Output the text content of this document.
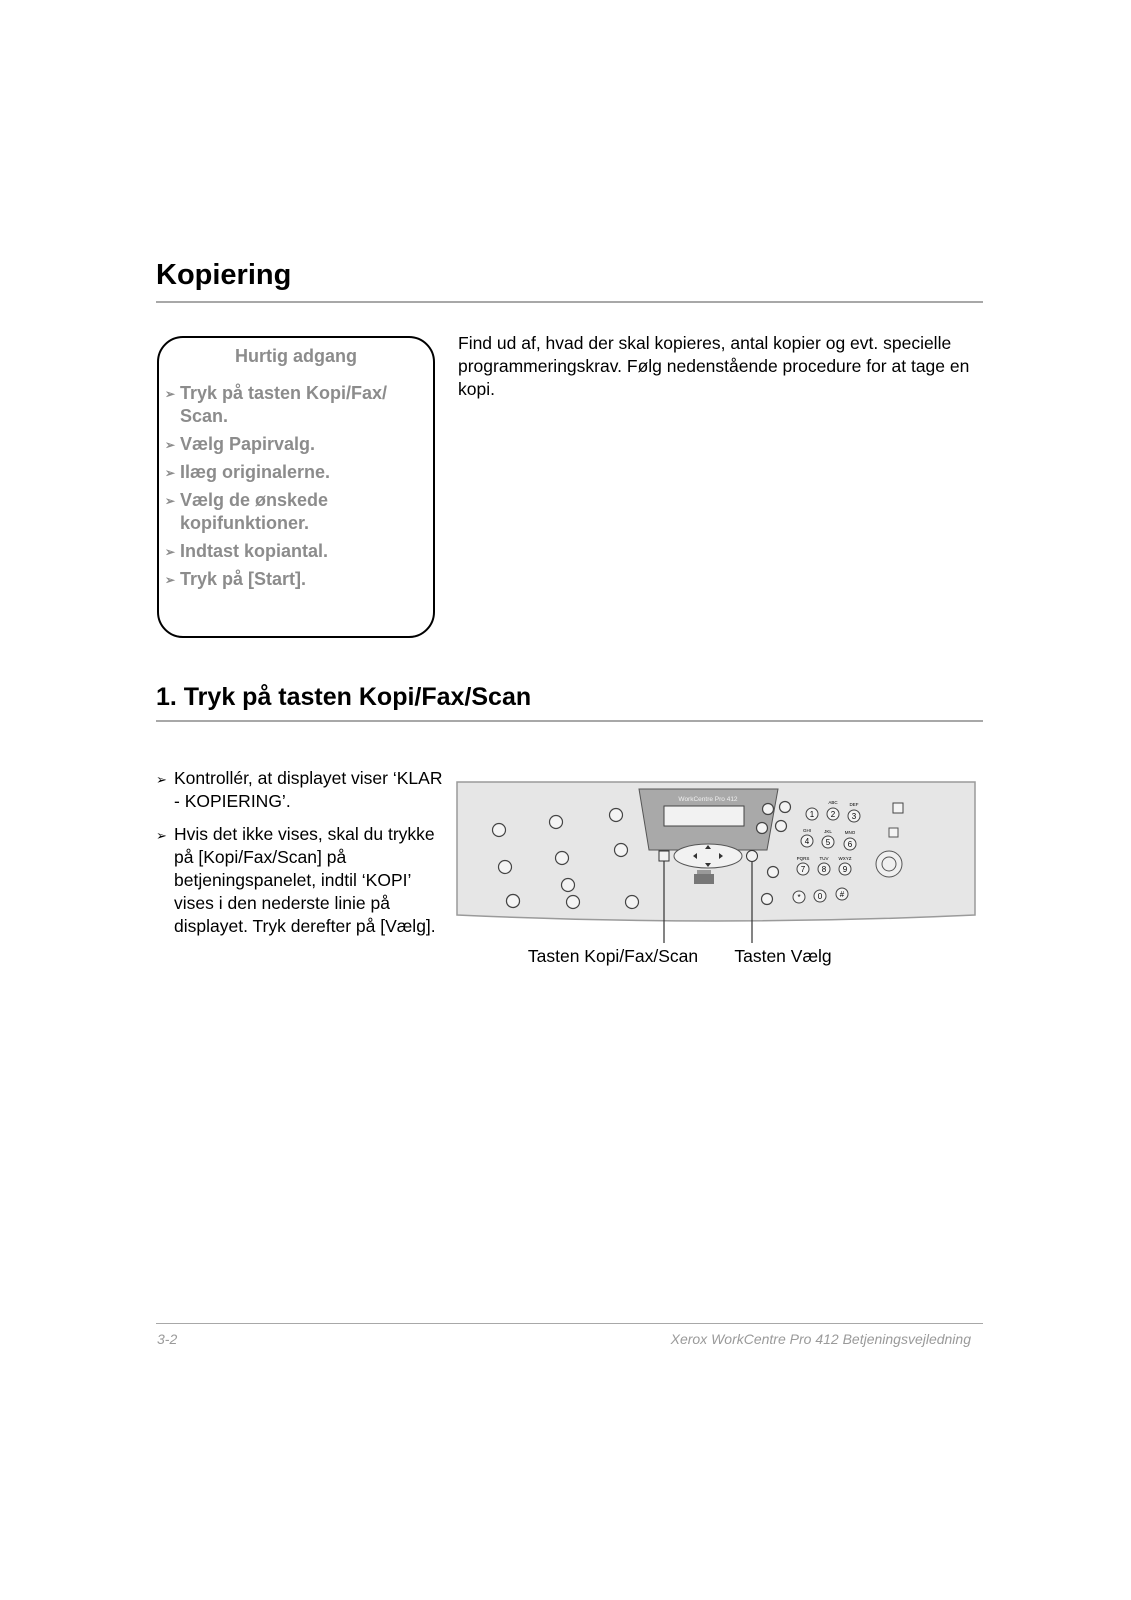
Kopiering
Hurtig adgang
➢ Tryk på tasten Kopi/Fax/ Scan.
➢ Vælg Papirvalg.
➢ Ilæg originalerne.
➢ Vælg de ønskede kopifunktioner.
➢ Indtast kopiantal.
➢ Tryk på [Start].

Find ud af, hvad der skal kopieres, antal kopier og evt. specielle programmeringskrav. Følg nedenstående procedure for at tage en kopi.

1. Tryk på tasten Kopi/Fax/Scan
➢ Kontrollér, at displayet viser ‘KLAR - KOPIERING’.
➢ Hvis det ikke vises, skal du trykke på [Kopi/Fax/Scan] på betjeningspanelet, indtil ‘KOPI’ vises i den nederste linie på displayet. Tryk derefter på [Vælg].
WorkCentre Pro 412
1 2
ABC
3
DEF
4
GHI
5
JKL
6
MNO
7
PQRS
8
TUV
9
WXYZ
* 0 #
Tasten Kopi/Fax/Scan Tasten Vælg
3-2	Xerox WorkCentre Pro 412 Betjeningsvejledning
